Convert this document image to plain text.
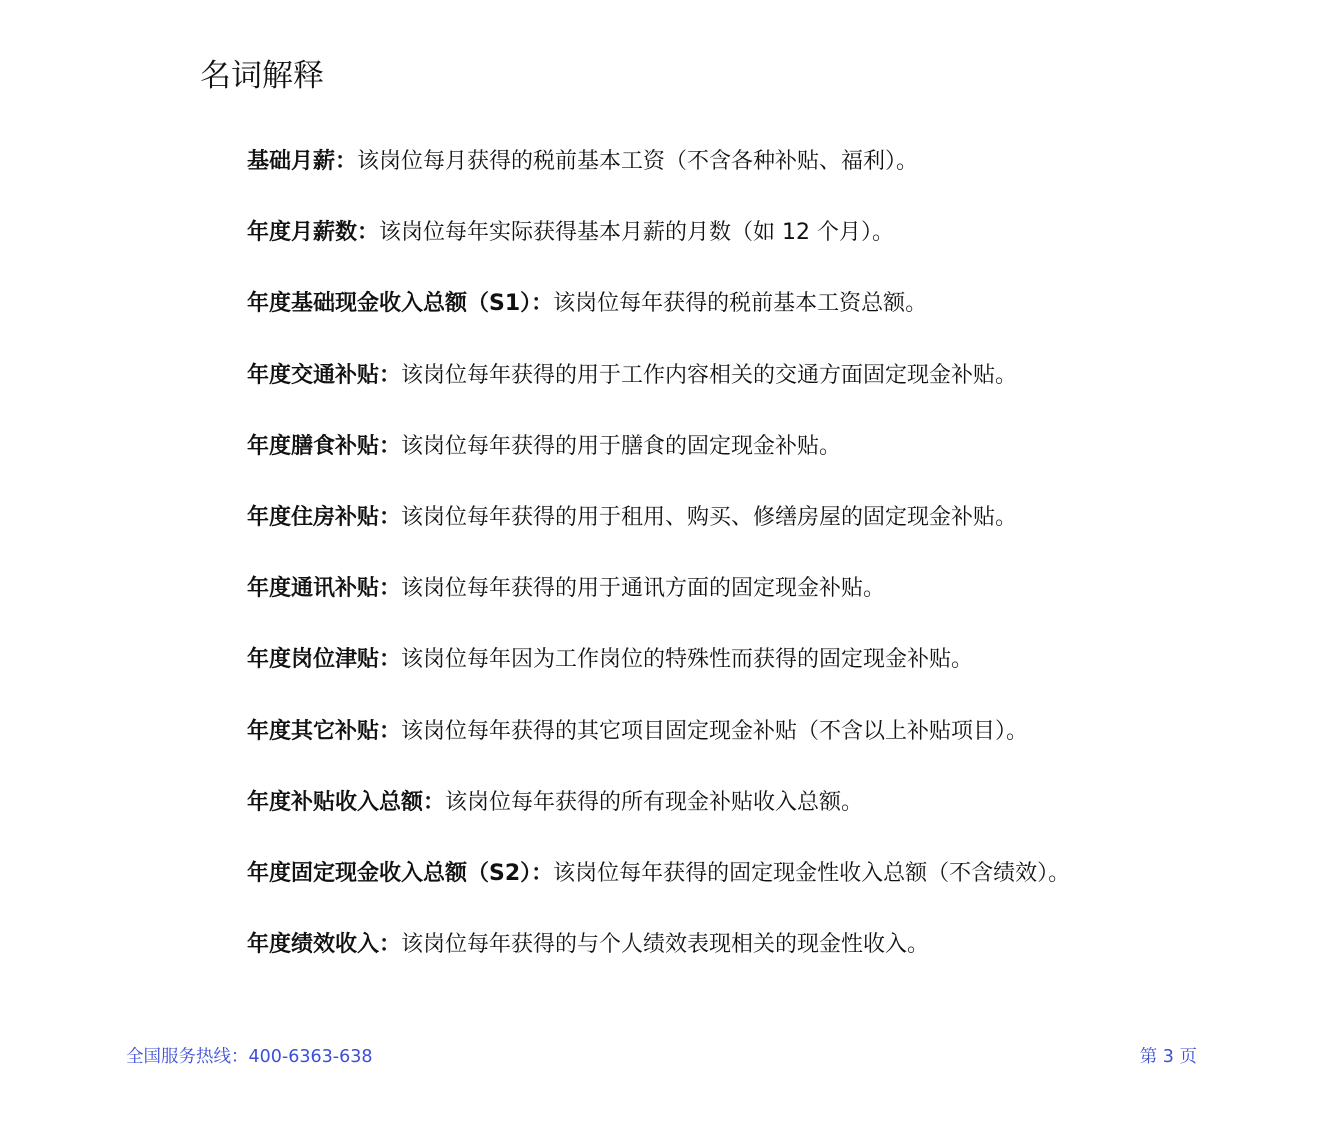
名词解释
基础月薪：该岗位每月获得的税前基本工资（不含各种补贴、福利）。
年度月薪数：该岗位每年实际获得基本月薪的月数（如 12 个月）。
年度基础现金收入总额（S1）：该岗位每年获得的税前基本工资总额。
年度交通补贴：该岗位每年获得的用于工作内容相关的交通方面固定现金补贴。
年度膳食补贴：该岗位每年获得的用于膳食的固定现金补贴。
年度住房补贴：该岗位每年获得的用于租用、购买、修缮房屋的固定现金补贴。
年度通讯补贴：该岗位每年获得的用于通讯方面的固定现金补贴。
年度岗位津贴：该岗位每年因为工作岗位的特殊性而获得的固定现金补贴。
年度其它补贴：该岗位每年获得的其它项目固定现金补贴（不含以上补贴项目）。
年度补贴收入总额：该岗位每年获得的所有现金补贴收入总额。
年度固定现金收入总额（S2）：该岗位每年获得的固定现金性收入总额（不含绩效）。
年度绩效收入：该岗位每年获得的与个人绩效表现相关的现金性收入。
全国服务热线：400-6363-638	第 3 页
